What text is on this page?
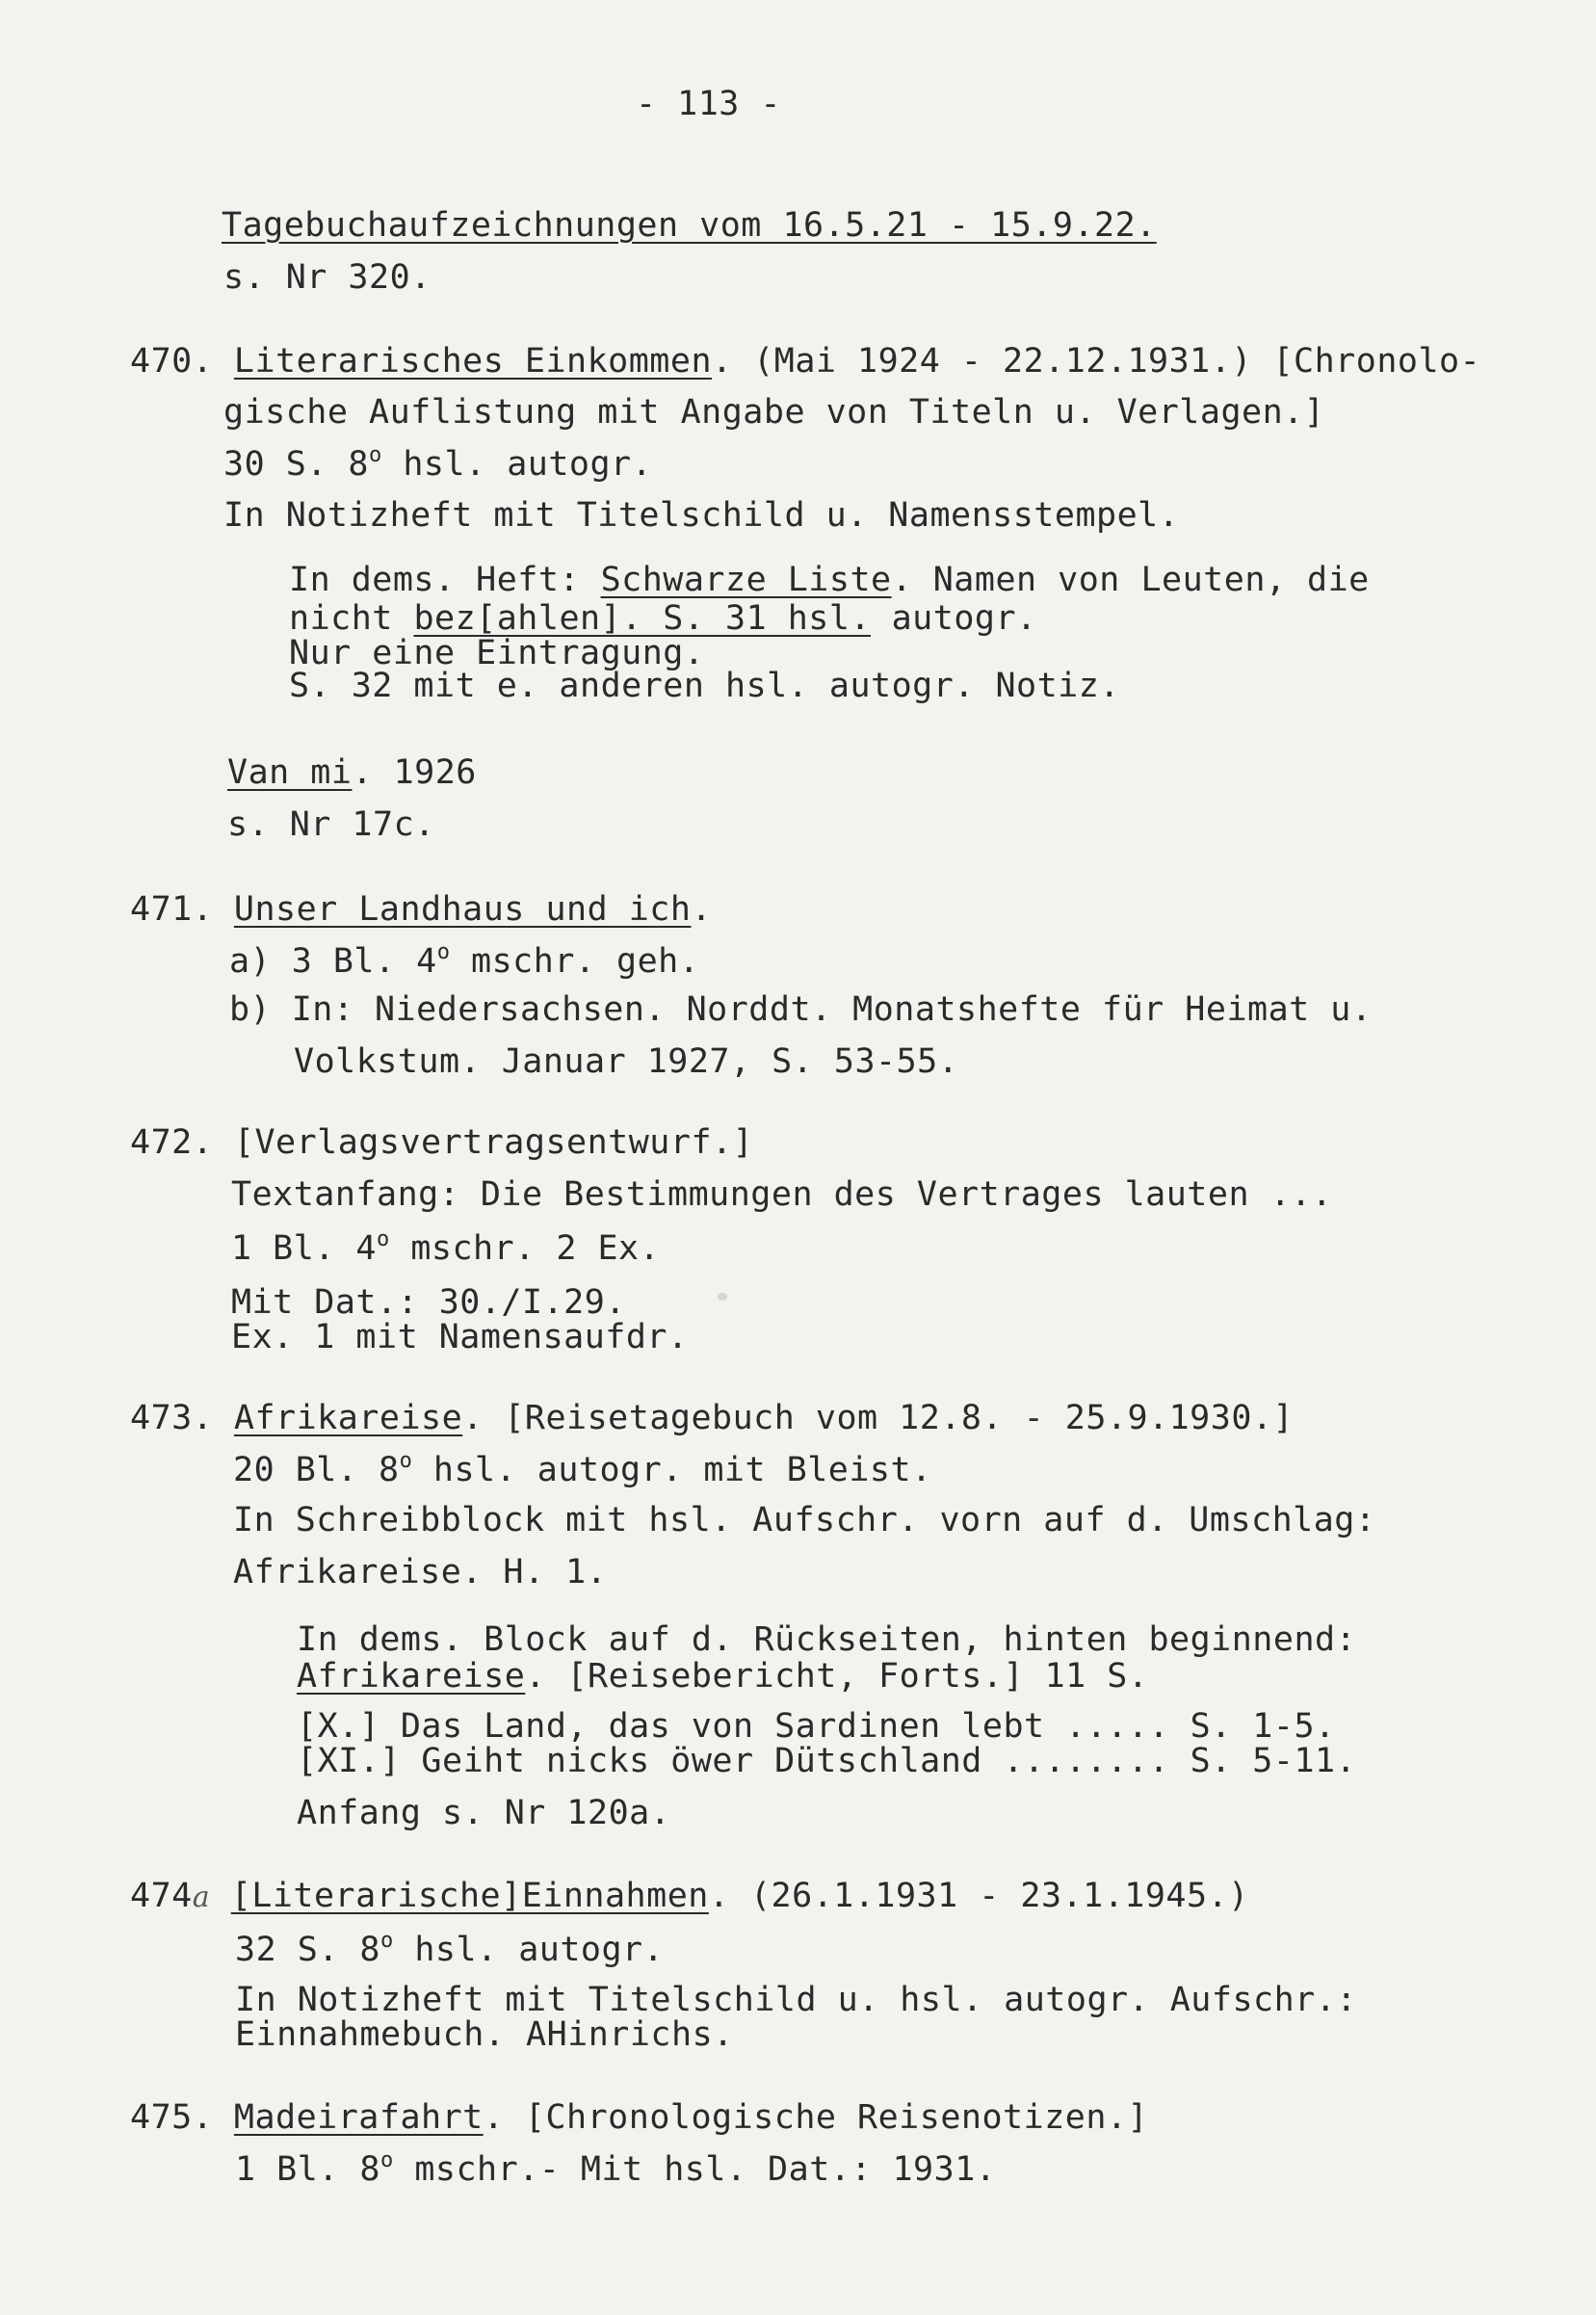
- 113 -
Tagebuchaufzeichnungen vom 16.5.21 - 15.9.22.
s. Nr 320.
470. Literarisches Einkommen. (Mai 1924 - 22.12.1931.) [Chronolo-
gische Auflistung mit Angabe von Titeln u. Verlagen.]
30 S. 8$^o$ hsl. autogr.
In Notizheft mit Titelschild u. Namensstempel.
In dems. Heft: Schwarze Liste. Namen von Leuten, die
nicht bez[ahlen]. S. 31 hsl. autogr.
Nur eine Eintragung.
S. 32 mit e. anderen hsl. autogr. Notiz.
Van mi. 1926
s. Nr 17c.
471. Unser Landhaus und ich.
a) 3 Bl. 4$^o$ mschr. geh.
b) In: Niedersachsen. Norddt. Monatshefte für Heimat u.
Volkstum. Januar 1927, S. 53-55.
472. [Verlagsvertragsentwurf.]
Textanfang: Die Bestimmungen des Vertrages lauten ...
1 Bl. 4$^o$ mschr. 2 Ex.
Mit Dat.: 30./I.29.
Ex. 1 mit Namensaufdr.
473. Afrikareise. [Reisetagebuch vom 12.8. - 25.9.1930.]
20 Bl. 8$^o$ hsl. autogr. mit Bleist.
In Schreibblock mit hsl. Aufschr. vorn auf d. Umschlag:
Afrikareise. H. 1.
In dems. Block auf d. Rückseiten, hinten beginnend:
Afrikareise. [Reisebericht, Forts.] 11 S.
[X.] Das Land, das von Sardinen lebt ..... S. 1-5.
[XI.] Geiht nicks öwer Dütschland ........ S. 5-11.
Anfang s. Nr 120a.
474a [Literarische]Einnahmen. (26.1.1931 - 23.1.1945.)
32 S. 8$^o$ hsl. autogr.
In Notizheft mit Titelschild u. hsl. autogr. Aufschr.:
Einnahmebuch. AHinrichs.
475. Madeirafahrt. [Chronologische Reisenotizen.]
1 Bl. 8$^o$ mschr.- Mit hsl. Dat.: 1931.
